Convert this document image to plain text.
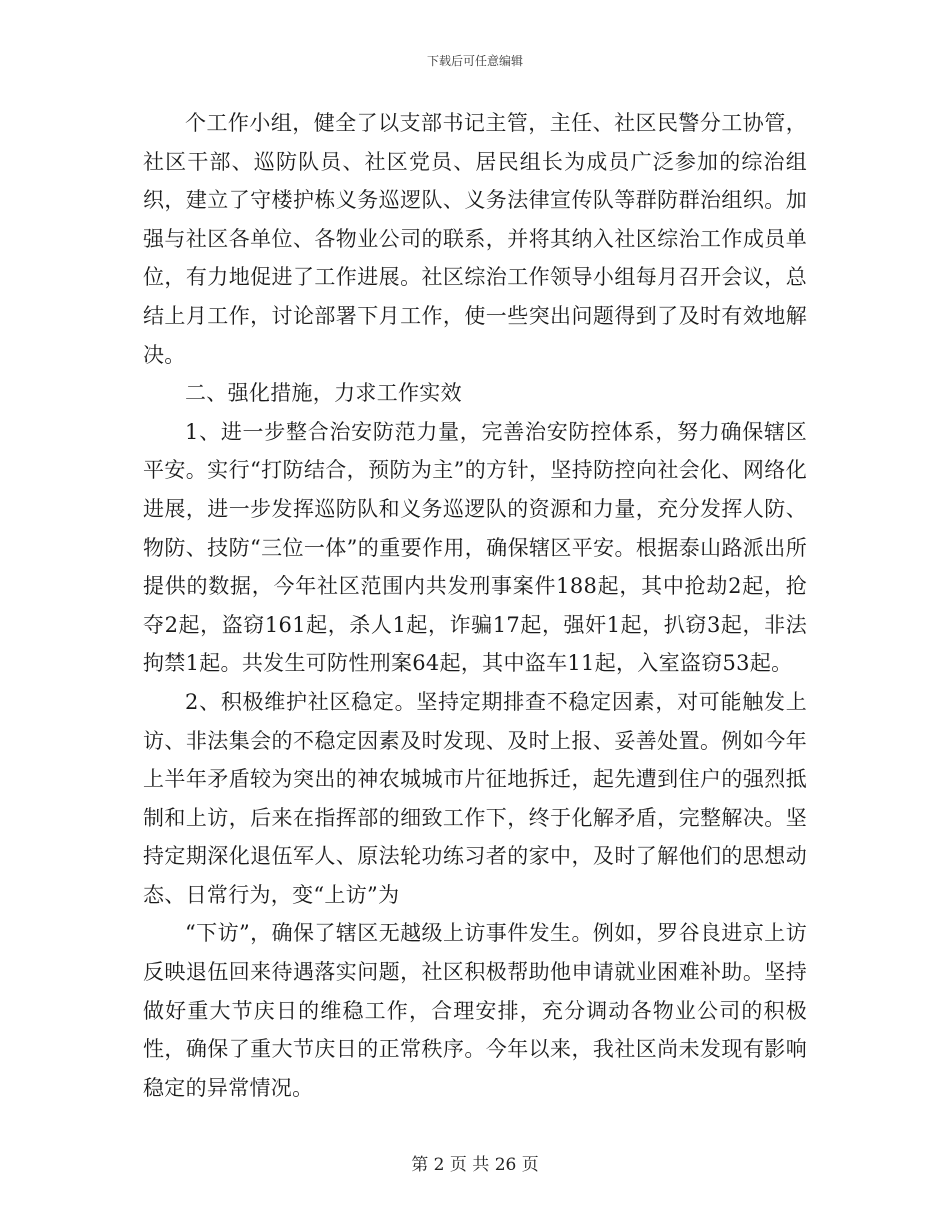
下载后可任意编辑

个工作小组，健全了以支部书记主管，主任、社区民警分工协管，社区干部、巡防队员、社区党员、居民组长为成员广泛参加的综治组织，建立了守楼护栋义务巡逻队、义务法律宣传队等群防群治组织。加强与社区各单位、各物业公司的联系，并将其纳入社区综治工作成员单位，有力地促进了工作进展。社区综治工作领导小组每月召开会议，总结上月工作，讨论部署下月工作，使一些突出问题得到了及时有效地解决。

二、强化措施，力求工作实效

1、进一步整合治安防范力量，完善治安防控体系，努力确保辖区平安。实行“打防结合，预防为主”的方针，坚持防控向社会化、网络化进展，进一步发挥巡防队和义务巡逻队的资源和力量，充分发挥人防、物防、技防“三位一体”的重要作用，确保辖区平安。根据泰山路派出所提供的数据，今年社区范围内共发刑事案件188起，其中抢劫2起，抢夺2起，盗窃161起，杀人1起，诈骗17起，强奸1起，扒窃3起，非法拘禁1起。共发生可防性刑案64起，其中盗车11起，入室盗窃53起。

2、积极维护社区稳定。坚持定期排查不稳定因素，对可能触发上访、非法集会的不稳定因素及时发现、及时上报、妥善处置。例如今年上半年矛盾较为突出的神农城城市片征地拆迁，起先遭到住户的强烈抵制和上访，后来在指挥部的细致工作下，终于化解矛盾，完整解决。坚持定期深化退伍军人、原法轮功练习者的家中，及时了解他们的思想动态、日常行为，变“上访”为

“下访”，确保了辖区无越级上访事件发生。例如，罗谷良进京上访反映退伍回来待遇落实问题，社区积极帮助他申请就业困难补助。坚持做好重大节庆日的维稳工作，合理安排，充分调动各物业公司的积极性，确保了重大节庆日的正常秩序。今年以来，我社区尚未发现有影响稳定的异常情况。

第 2 页 共 26 页
